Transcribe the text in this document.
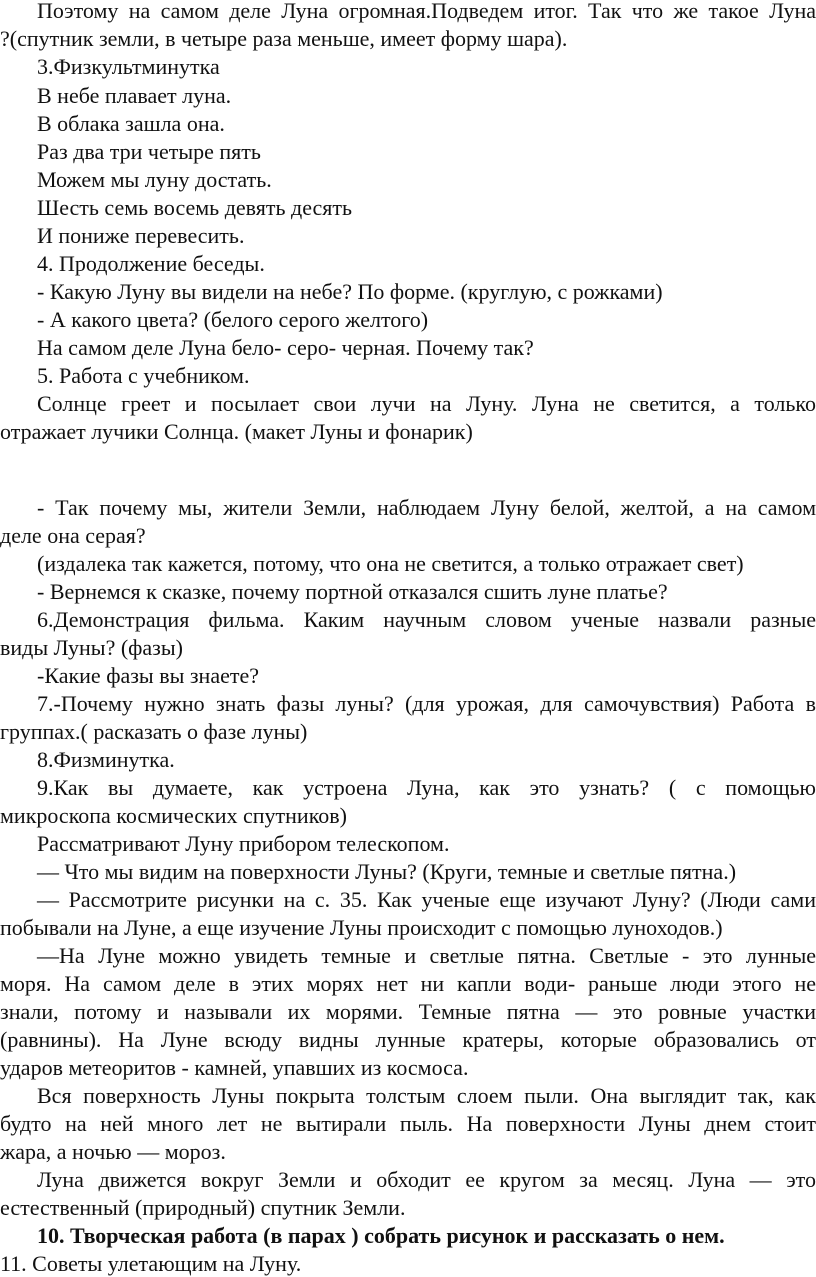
Поэтому на самом деле Луна огромная.Подведем итог. Так что же такое Луна
?(спутник земли, в четыре раза меньше, имеет форму шара).
3.Физкультминутка
В небе плавает луна.
В облака зашла она.
Раз два три четыре пять
Можем мы луну достать.
Шесть семь восемь девять десять
И пониже перевесить.
4. Продолжение беседы.
- Какую Луну вы видели на небе? По форме. (круглую, с рожками)
- А какого цвета? (белого серого желтого)
На самом деле Луна бело- серо- черная. Почему так?
5. Работа с учебником.
Солнце греет и посылает свои лучи на Луну. Луна не светится, а только
отражает лучики Солнца. (макет Луны и фонарик)
- Так почему мы, жители Земли, наблюдаем Луну белой, желтой, а на самом
деле она серая?
(издалека так кажется, потому, что она не светится, а только отражает свет)
- Вернемся к сказке, почему портной отказался сшить луне платье?
6.Демонстрация фильма. Каким научным словом ученые назвали разные
виды Луны? (фазы)
-Какие фазы вы знаете?
7.-Почему нужно знать фазы луны? (для урожая, для самочувствия) Работа в
группах.( расказать о фазе луны)
8.Физминутка.
9.Как вы думаете, как устроена Луна, как это узнать? ( с помощью
микроскопа космических спутников)
Рассматривают Луну прибором телескопом.
— Что мы видим на поверхности Луны? (Круги, темные и светлые пятна.)
— Рассмотрите рисунки на с. 35. Как ученые еще изучают Луну? (Люди сами
побывали на Луне, а еще изучение Луны происходит с помощью луноходов.)
—На Луне можно увидеть темные и светлые пятна. Светлые - это лунные
моря. На самом деле в этих морях нет ни капли води- раньше люди этого не
знали, потому и называли их морями. Темные пятна — это ровные участки
(равнины). На Луне всюду видны лунные кратеры, которые образовались от
ударов метеоритов - камней, упавших из космоса.
Вся поверхность Луны покрыта толстым слоем пыли. Она выглядит так, как
будто на ней много лет не вытирали пыль. На поверхности Луны днем стоит
жара, а ночью — мороз.
Луна движется вокруг Земли и обходит ее кругом за месяц. Луна — это
естественный (природный) спутник Земли.
10. Творческая работа (в парах ) собрать рисунок и рассказать о нем.
11. Советы улетающим на Луну.
